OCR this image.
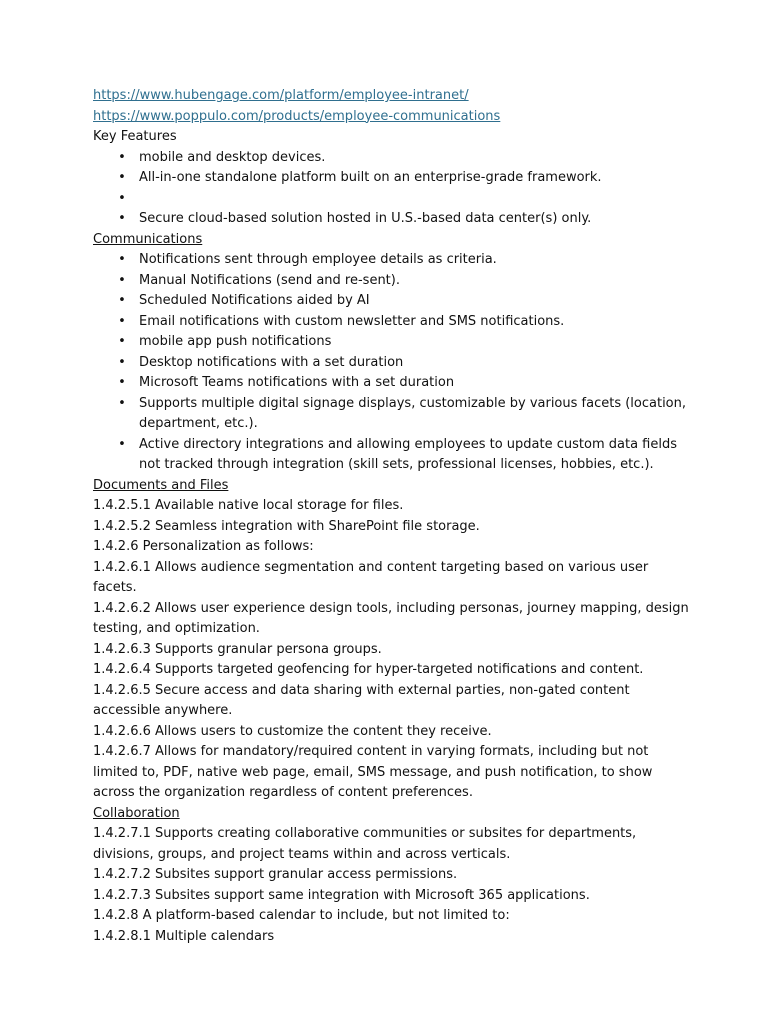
https://www.hubengage.com/platform/employee-intranet/
https://www.poppulo.com/products/employee-communications
Key Features
• mobile and desktop devices.
• All-in-one standalone platform built on an enterprise-grade framework.
•

• Secure cloud-based solution hosted in U.S.-based data center(s) only.
Communications
• Notifications sent through employee details as criteria.
• Manual Notifications (send and re-sent).
• Scheduled Notifications aided by AI
• Email notifications with custom newsletter and SMS notifications.
• mobile app push notifications
• Desktop notifications with a set duration
• Microsoft Teams notifications with a set duration
• Supports multiple digital signage displays, customizable by various facets (location, department, etc.).
• Active directory integrations and allowing employees to update custom data fields not tracked through integration (skill sets, professional licenses, hobbies, etc.).
Documents and Files
1.4.2.5.1 Available native local storage for files.
1.4.2.5.2 Seamless integration with SharePoint file storage.
1.4.2.6 Personalization as follows:
1.4.2.6.1 Allows audience segmentation and content targeting based on various user facets.
1.4.2.6.2 Allows user experience design tools, including personas, journey mapping, design testing, and optimization.
1.4.2.6.3 Supports granular persona groups.
1.4.2.6.4 Supports targeted geofencing for hyper-targeted notifications and content.
1.4.2.6.5 Secure access and data sharing with external parties, non-gated content accessible anywhere.
1.4.2.6.6 Allows users to customize the content they receive.
1.4.2.6.7 Allows for mandatory/required content in varying formats, including but not limited to, PDF, native web page, email, SMS message, and push notification, to show across the organization regardless of content preferences.
Collaboration
1.4.2.7.1 Supports creating collaborative communities or subsites for departments, divisions, groups, and project teams within and across verticals.
1.4.2.7.2 Subsites support granular access permissions.
1.4.2.7.3 Subsites support same integration with Microsoft 365 applications.
1.4.2.8 A platform-based calendar to include, but not limited to:
1.4.2.8.1 Multiple calendars
